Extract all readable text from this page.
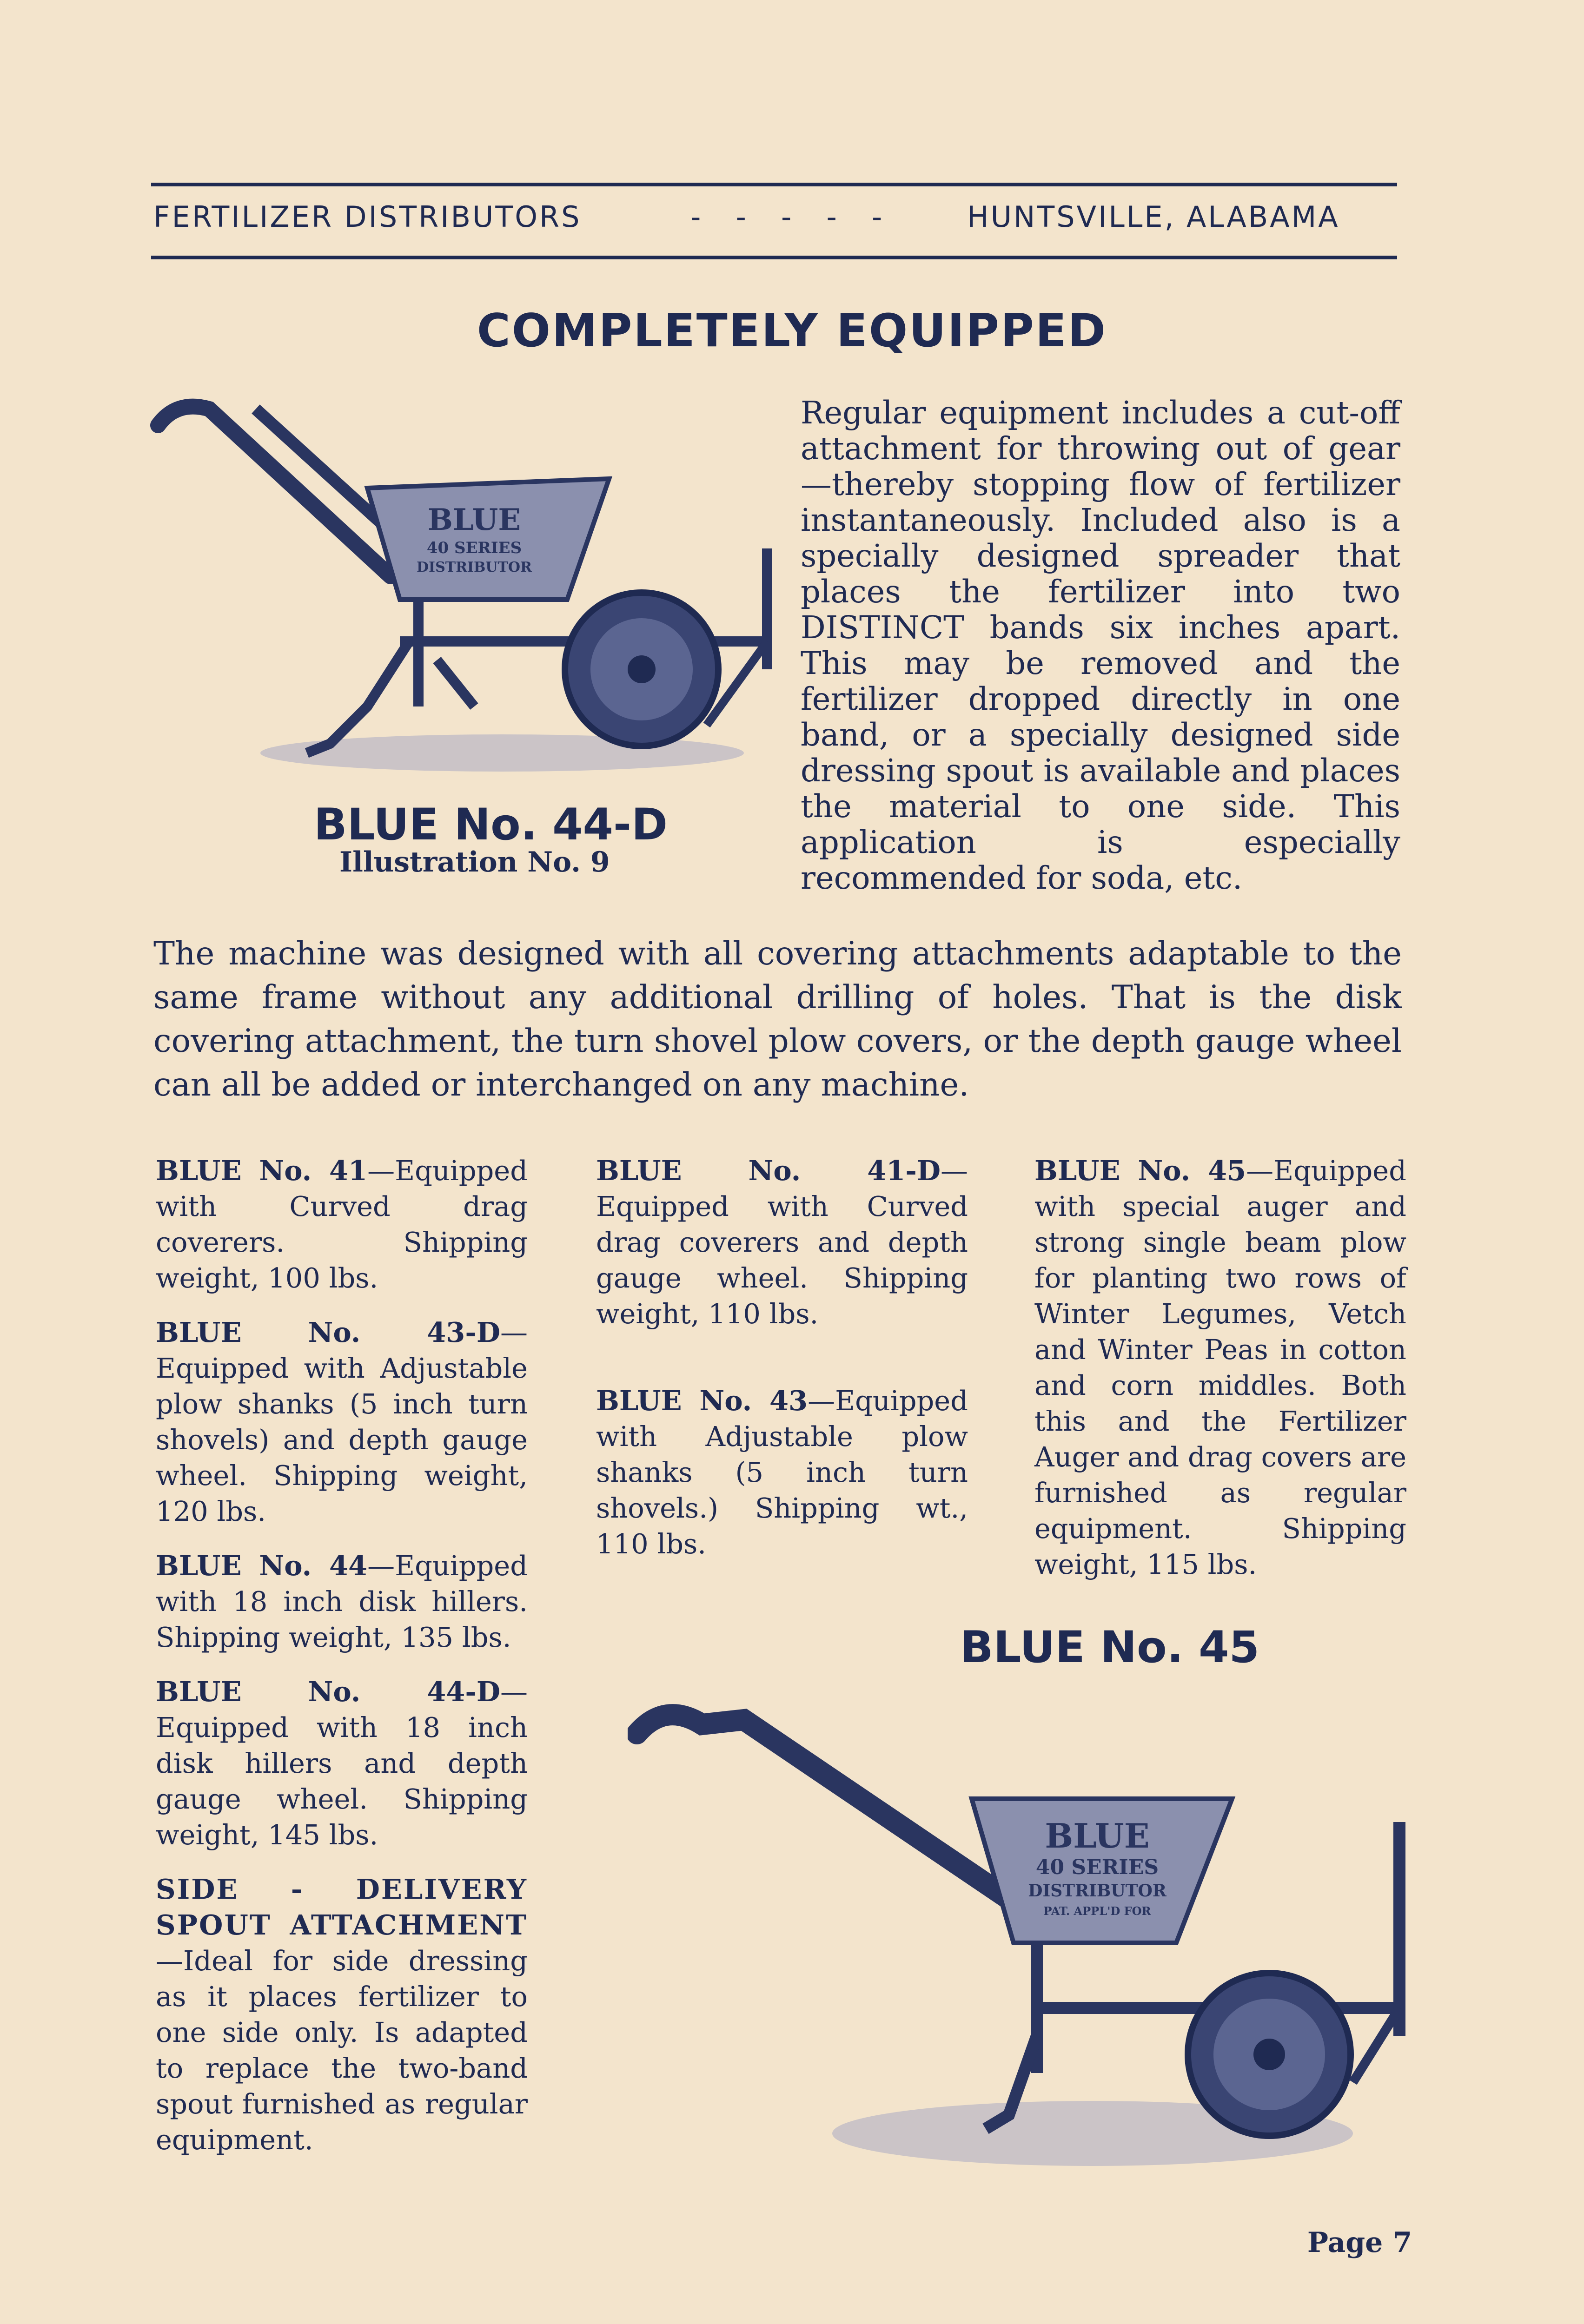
FERTILIZER DISTRIBUTORS	-   -   -   -   -	HUNTSVILLE, ALABAMA
COMPLETELY EQUIPPED
BLUE
40 SERIES
DISTRIBUTOR
BLUE No. 44-D
Illustration No. 9

Regular equipment includes a cut-off attachment for throwing out of gear—thereby stopping flow of fertilizer instantaneously. Included also is a specially designed spreader that places the fertilizer into two DISTINCT bands six inches apart. This may be removed and the fertilizer dropped directly in one band, or a specially designed side dressing spout is available and places the material to one side. This application is especially recommended for soda, etc.

The machine was designed with all covering attachments adaptable to the same frame without any additional drilling of holes. That is the disk covering attachment, the turn shovel plow covers, or the depth gauge wheel can all be added or interchanged on any machine.

BLUE No. 41—Equipped with Curved drag coverers. Shipping weight, 100 lbs.

BLUE No. 43-D—Equipped with Adjustable plow shanks (5 inch turn shovels) and depth gauge wheel. Shipping weight, 120 lbs.

BLUE No. 44—Equipped with 18 inch disk hillers. Shipping weight, 135 lbs.

BLUE No. 44-D—Equipped with 18 inch disk hillers and depth gauge wheel. Shipping weight, 145 lbs.

SIDE - DELIVERY SPOUT ATTACHMENT—Ideal for side dressing as it places fertilizer to one side only. Is adapted to replace the two-band spout furnished as regular equipment.

BLUE No. 41-D—Equipped with Curved drag coverers and depth gauge wheel. Shipping weight, 110 lbs.

BLUE No. 43—Equipped with Adjustable plow shanks (5 inch turn shovels.) Shipping wt., 110 lbs.

BLUE No. 45—Equipped with special auger and strong single beam plow for planting two rows of Winter Legumes, Vetch and Winter Peas in cotton and corn middles. Both this and the Fertilizer Auger and drag covers are furnished as regular equipment. Shipping weight, 115 lbs.

BLUE No. 45
BLUE
40 SERIES
DISTRIBUTOR
PAT. APPL'D FOR
Page 7
